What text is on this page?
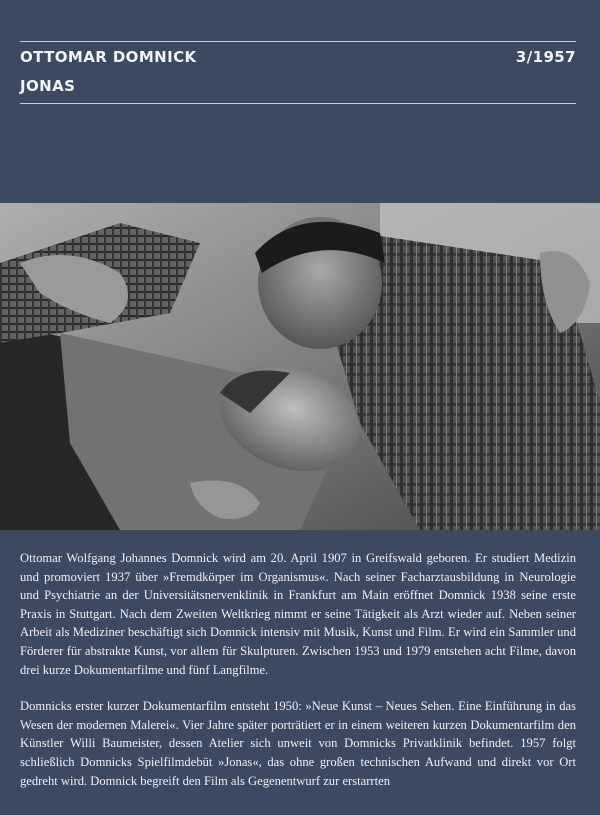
OTTOMAR DOMNICK	3/1957
JONAS

Ottomar Wolfgang Johannes Domnick wird am 20. April 1907 in Greifswald geboren. Er studiert Medizin und promoviert 1937 über »Fremdkörper im Organismus«. Nach seiner Facharztausbildung in Neurologie und Psychiatrie an der Universitätsnervenklinik in Frankfurt am Main eröffnet Domnick 1938 seine erste Praxis in Stuttgart. Nach dem Zweiten Weltkrieg nimmt er seine Tätigkeit als Arzt wieder auf. Neben seiner Arbeit als Mediziner beschäftigt sich Domnick intensiv mit Musik, Kunst und Film. Er wird ein Sammler und Förderer für abstrakte Kunst, vor allem für Skulpturen. Zwischen 1953 und 1979 entstehen acht Filme, davon drei kurze Dokumentarfilme und fünf Langfilme.

Domnicks erster kurzer Dokumentarfilm entsteht 1950: »Neue Kunst – Neues Sehen. Eine Einführung in das Wesen der modernen Malerei«. Vier Jahre später porträtiert er in einem weiteren kurzen Dokumentarfilm den Künstler Willi Baumeister, dessen Atelier sich unweit von Domnicks Privatklinik befindet. 1957 folgt schließlich Domnicks Spielfilmdebüt »Jonas«, das ohne großen technischen Aufwand und direkt vor Ort gedreht wird. Domnick begreift den Film als Gegenentwurf zur erstarrten
